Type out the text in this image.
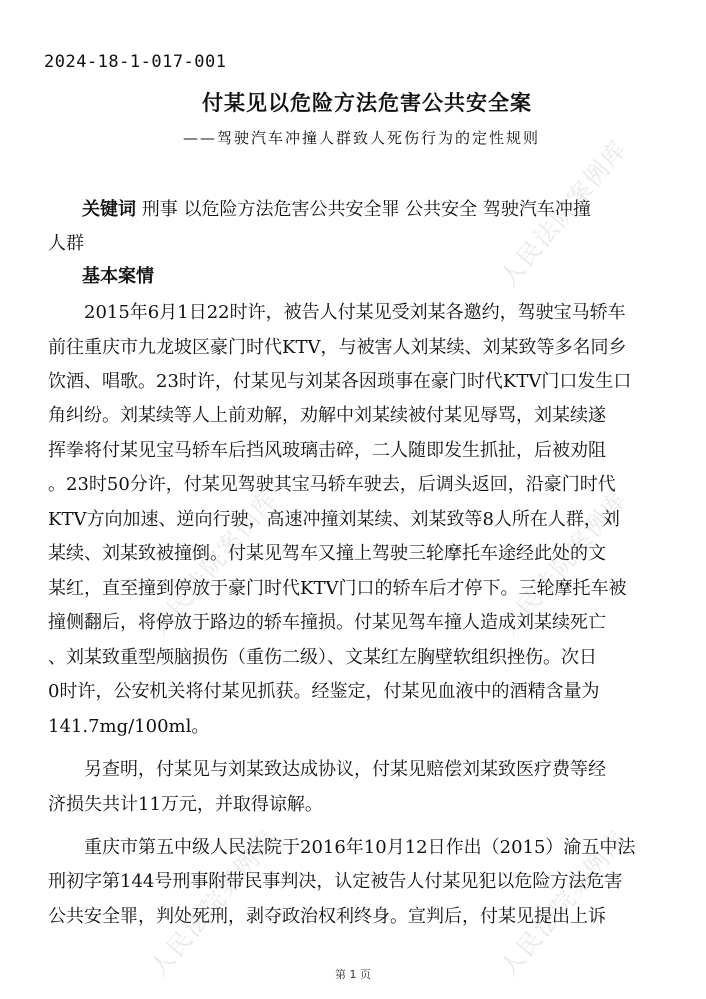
人民法院案例库
人民法院案例库	人民法院案例库
人民法院案例库	人民法院案例库
2024-18-1-017-001
付某见以危险方法危害公共安全案
——驾驶汽车冲撞人群致人死伤行为的定性规则
关键词 刑事 以危险方法危害公共安全罪 公共安全 驾驶汽车冲撞
人群
基本案情
2015年6月1日22时许，被告人付某见受刘某各邀约，驾驶宝马轿车
前往重庆市九龙坡区豪门时代KTV，与被害人刘某续、刘某致等多名同乡
饮酒、唱歌。23时许，付某见与刘某各因琐事在豪门时代KTV门口发生口
角纠纷。刘某续等人上前劝解，劝解中刘某续被付某见辱骂，刘某续遂
挥拳将付某见宝马轿车后挡风玻璃击碎，二人随即发生抓扯，后被劝阻
。23时50分许，付某见驾驶其宝马轿车驶去，后调头返回，沿豪门时代
KTV方向加速、逆向行驶，高速冲撞刘某续、刘某致等8人所在人群，刘
某续、刘某致被撞倒。付某见驾车又撞上驾驶三轮摩托车途经此处的文
某红，直至撞到停放于豪门时代KTV门口的轿车后才停下。三轮摩托车被
撞侧翻后，将停放于路边的轿车撞损。付某见驾车撞人造成刘某续死亡
、刘某致重型颅脑损伤（重伤二级）、文某红左胸壁软组织挫伤。次日
0时许，公安机关将付某见抓获。经鉴定，付某见血液中的酒精含量为
141.7mg/100ml。
另查明，付某见与刘某致达成协议，付某见赔偿刘某致医疗费等经
济损失共计11万元，并取得谅解。
重庆市第五中级人民法院于2016年10月12日作出（2015）渝五中法
刑初字第144号刑事附带民事判决，认定被告人付某见犯以危险方法危害
公共安全罪，判处死刑，剥夺政治权利终身。宣判后，付某见提出上诉
第 1 页
